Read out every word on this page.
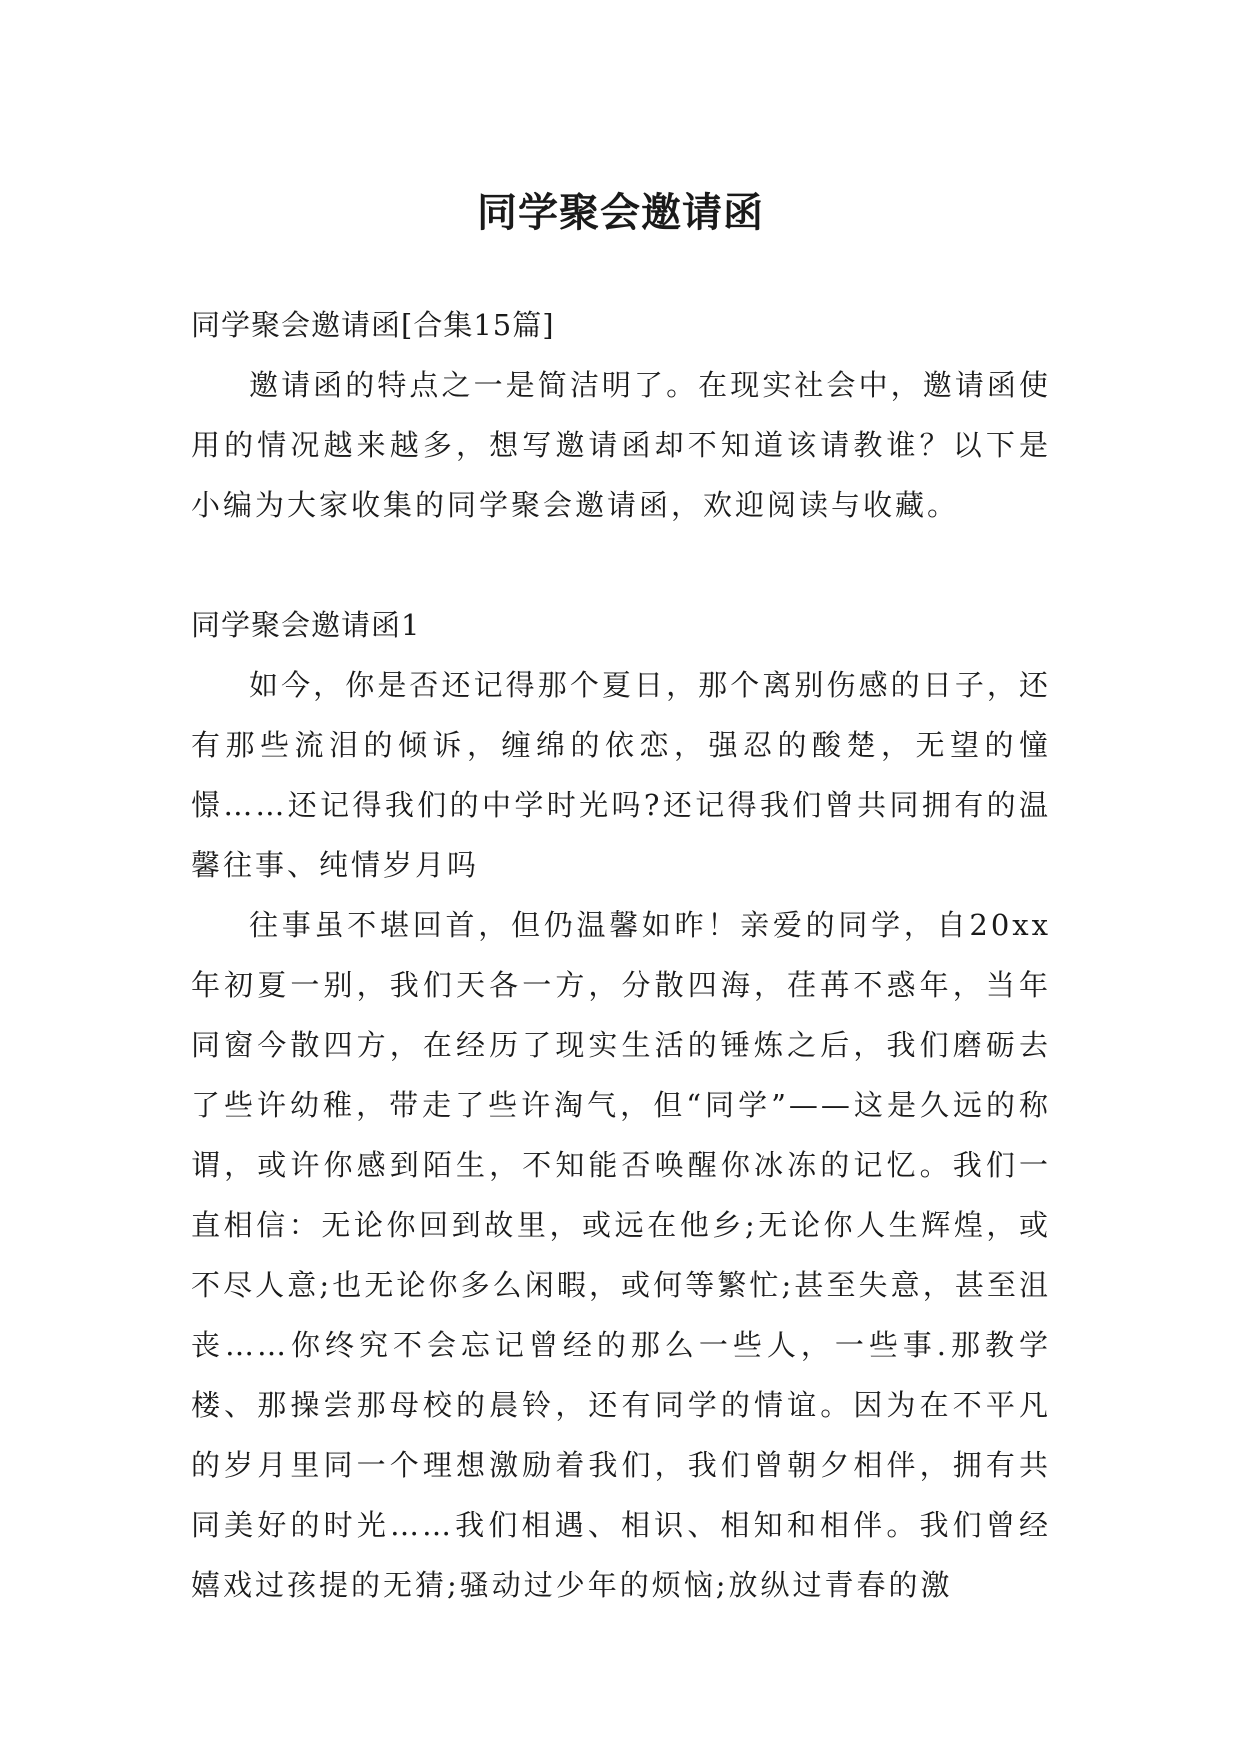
同学聚会邀请函

同学聚会邀请函[合集15篇]

邀请函的特点之一是简洁明了。在现实社会中，邀请函使用的情况越来越多，想写邀请函却不知道该请教谁？以下是小编为大家收集的同学聚会邀请函，欢迎阅读与收藏。

同学聚会邀请函1

如今，你是否还记得那个夏日，那个离别伤感的日子，还有那些流泪的倾诉，缠绵的依恋，强忍的酸楚，无望的憧憬……还记得我们的中学时光吗?还记得我们曾共同拥有的温馨往事、纯情岁月吗

往事虽不堪回首，但仍温馨如昨！亲爱的同学，自20xx年初夏一别，我们天各一方，分散四海，荏苒不惑年，当年同窗今散四方，在经历了现实生活的锤炼之后，我们磨砺去了些许幼稚，带走了些许淘气，但“同学”——这是久远的称谓，或许你感到陌生，不知能否唤醒你冰冻的记忆。我们一直相信：无论你回到故里，或远在他乡;无论你人生辉煌，或不尽人意;也无论你多么闲暇，或何等繁忙;甚至失意，甚至沮丧……你终究不会忘记曾经的那么一些人，一些事.那教学楼、那操尝那母校的晨铃，还有同学的情谊。因为在不平凡的岁月里同一个理想激励着我们，我们曾朝夕相伴，拥有共同美好的时光……我们相遇、相识、相知和相伴。我们曾经嬉戏过孩提的无猜;骚动过少年的烦恼;放纵过青春的激
